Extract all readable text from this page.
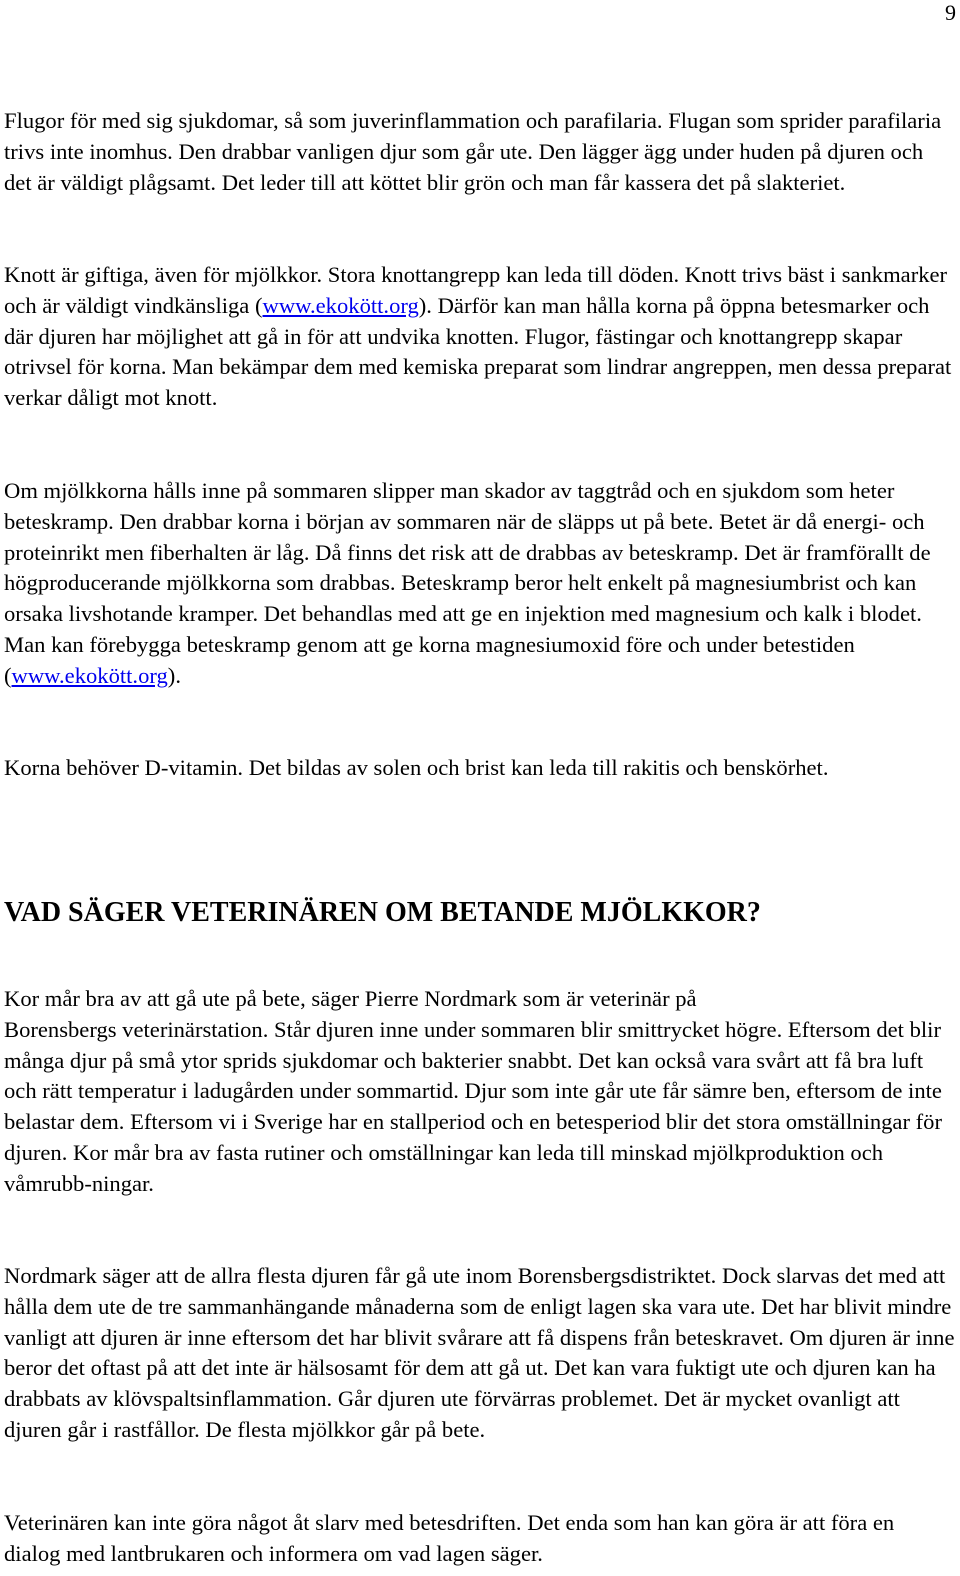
9

Flugor för med sig sjukdomar, så som juverinflammation och parafilaria. Flugan som sprider parafilaria trivs inte inomhus. Den drabbar vanligen djur som går ute. Den lägger ägg under huden på djuren och det är väldigt plågsamt. Det leder till att köttet blir grön och man får kassera det på slakteriet.

Knott är giftiga, även för mjölkkor. Stora knottangrepp kan leda till döden. Knott trivs bäst i sankmarker och är väldigt vindkänsliga (www.ekokött.org). Därför kan man hålla korna på öppna betesmarker och där djuren har möjlighet att gå in för att undvika knotten. Flugor, fästingar och knottangrepp skapar otrivsel för korna. Man bekämpar dem med kemiska preparat som lindrar angreppen, men dessa preparat verkar dåligt mot knott.

Om mjölkkorna hålls inne på sommaren slipper man skador av taggtråd och en sjukdom som heter beteskramp. Den drabbar korna i början av sommaren när de släpps ut på bete. Betet är då energi- och proteinrikt men fiberhalten är låg. Då finns det risk att de drabbas av beteskramp. Det är framförallt de högproducerande mjölkkorna som drabbas. Beteskramp beror helt enkelt på magnesiumbrist och kan orsaka livshotande kramper. Det behandlas med att ge en injektion med magnesium och kalk i blodet. Man kan förebygga beteskramp genom att ge korna magnesiumoxid före och under betestiden (www.ekokött.org).

Korna behöver D-vitamin. Det bildas av solen och brist kan leda till rakitis och benskörhet.

VAD SÄGER VETERINÄREN OM BETANDE MJÖLKKOR?

Kor mår bra av att gå ute på bete, säger Pierre Nordmark som är veterinär på
Borensbergs veterinärstation. Står djuren inne under sommaren blir smittrycket högre. Eftersom det blir många djur på små ytor sprids sjukdomar och bakterier snabbt. Det kan också vara svårt att få bra luft och rätt temperatur i ladugården under sommartid. Djur som inte går ute får sämre ben, eftersom de inte belastar dem. Eftersom vi i Sverige har en stallperiod och en betesperiod blir det stora omställningar för djuren. Kor mår bra av fasta rutiner och omställningar kan leda till minskad mjölkproduktion och våmrubb-ningar.

Nordmark säger att de allra flesta djuren får gå ute inom Borensbergsdistriktet. Dock slarvas det med att hålla dem ute de tre sammanhängande månaderna som de enligt lagen ska vara ute. Det har blivit mindre vanligt att djuren är inne eftersom det har blivit svårare att få dispens från beteskravet. Om djuren är inne beror det oftast på att det inte är hälsosamt för dem att gå ut. Det kan vara fuktigt ute och djuren kan ha drabbats av klövspaltsinflammation. Går djuren ute förvärras problemet. Det är mycket ovanligt att djuren går i rastfållor. De flesta mjölkkor går på bete.

Veterinären kan inte göra något åt slarv med betesdriften. Det enda som han kan göra är att föra en dialog med lantbrukaren och informera om vad lagen säger.
